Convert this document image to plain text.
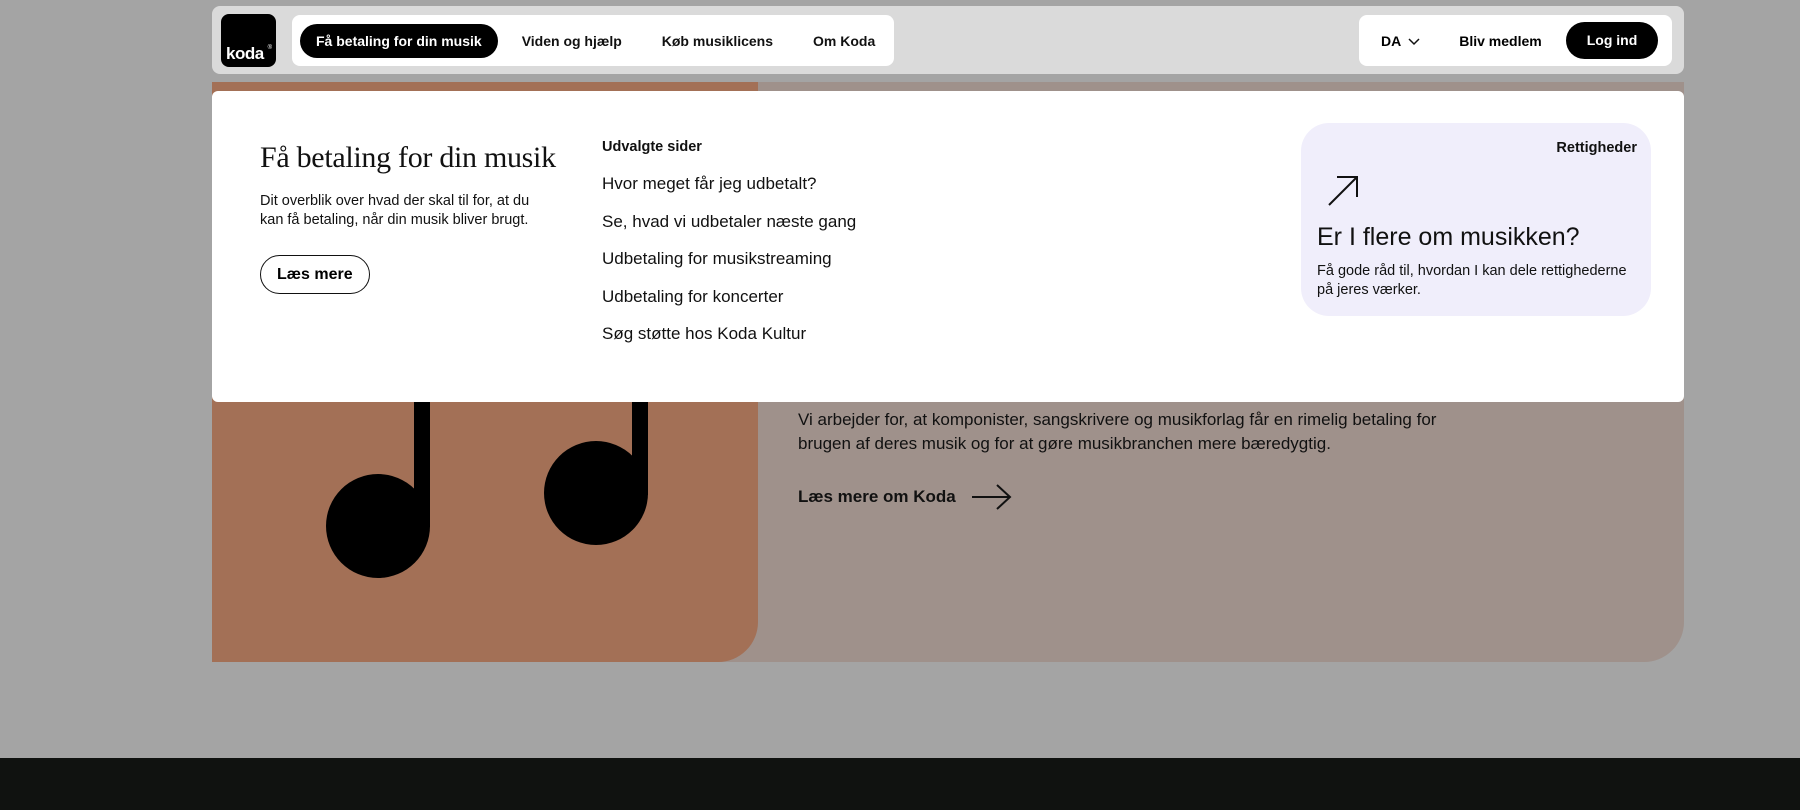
koda ®	Få betaling for din musik	Viden og hjælp	Køb musiklicens	Om Koda	DA	Bliv medlem	Log ind
Vi arbejder for, at komponister, sangskrivere og musikforlag får en rimelig betaling for brugen af deres musik og for at gøre musikbranchen mere bæredygtig.
Læs mere om Koda
Få betaling for din musik
Dit overblik over hvad der skal til for, at du kan få betaling, når din musik bliver brugt.
Læs mere
Udvalgte sider
Hvor meget får jeg udbetalt?
Se, hvad vi udbetaler næste gang
Udbetaling for musikstreaming
Udbetaling for koncerter
Søg støtte hos Koda Kultur
Rettigheder
Er I flere om musikken?
Få gode råd til, hvordan I kan dele rettighederne på jeres værker.
